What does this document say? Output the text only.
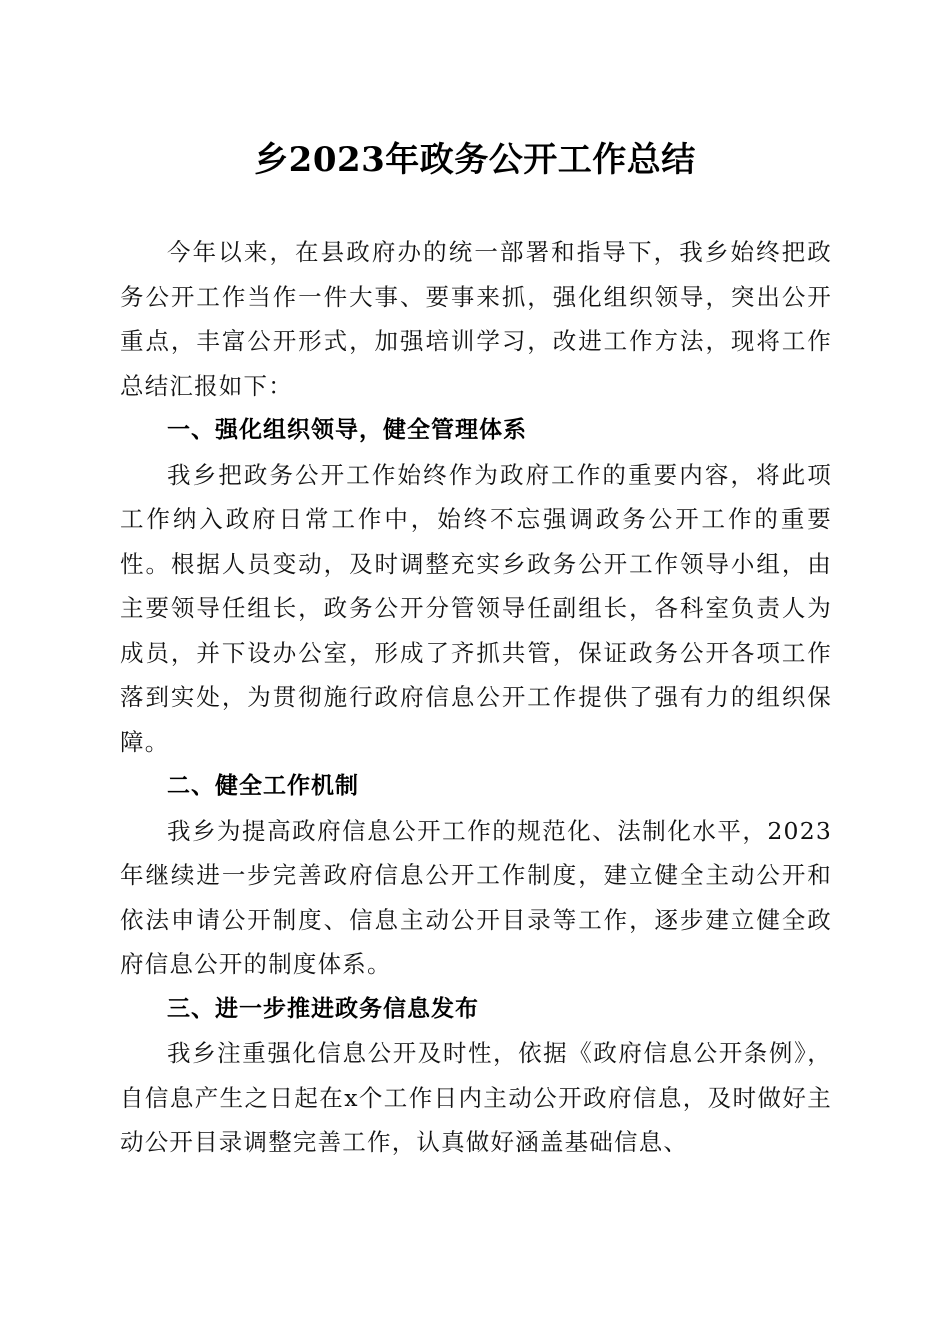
乡2023年政务公开工作总结

今年以来，在县政府办的统一部署和指导下，我乡始终把政务公开工作当作一件大事、要事来抓，强化组织领导，突出公开重点，丰富公开形式，加强培训学习，改进工作方法，现将工作总结汇报如下：

一、强化组织领导，健全管理体系

我乡把政务公开工作始终作为政府工作的重要内容，将此项工作纳入政府日常工作中，始终不忘强调政务公开工作的重要性。根据人员变动，及时调整充实乡政务公开工作领导小组，由主要领导任组长，政务公开分管领导任副组长，各科室负责人为成员，并下设办公室，形成了齐抓共管，保证政务公开各项工作落到实处，为贯彻施行政府信息公开工作提供了强有力的组织保障。

二、健全工作机制

我乡为提高政府信息公开工作的规范化、法制化水平，2023年继续进一步完善政府信息公开工作制度，建立健全主动公开和依法申请公开制度、信息主动公开目录等工作，逐步建立健全政府信息公开的制度体系。

三、进一步推进政务信息发布

我乡注重强化信息公开及时性，依据《政府信息公开条例》，自信息产生之日起在x个工作日内主动公开政府信息，及时做好主动公开目录调整完善工作，认真做好涵盖基础信息、
